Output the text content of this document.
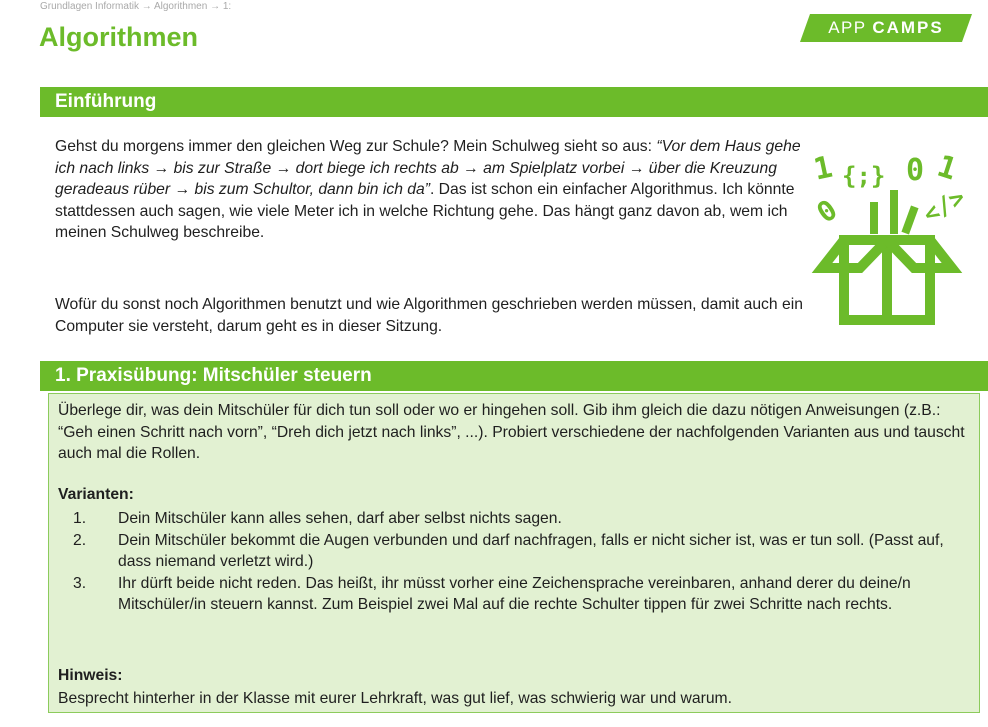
Grundlagen Informatik → Algorithmen → 1:
Algorithmen	APP CAMPS
Einführung

Gehst du morgens immer den gleichen Weg zur Schule? Mein Schulweg sieht so aus: “Vor dem Haus gehe ich nach links → bis zur Straße → dort biege ich rechts ab → am Spielplatz vorbei → über die Kreuzung geradeaus rüber → bis zum Schultor, dann bin ich da”. Das ist schon ein einfacher Algorithmus. Ich könnte stattdessen auch sagen, wie viele Meter ich in welche Richtung gehe. Das hängt ganz davon ab, wem ich meinen Schulweg beschreibe.

Wofür du sonst noch Algorithmen benutzt und wie Algorithmen geschrieben werden müssen, damit auch ein Computer sie versteht, darum geht es in dieser Sitzung.

1 {;} 0 1
0	</>
1. Praxisübung: Mitschüler steuern

Überlege dir, was dein Mitschüler für dich tun soll oder wo er hingehen soll. Gib ihm gleich die dazu nötigen Anweisungen (z.B.: “Geh einen Schritt nach vorn”, “Dreh dich jetzt nach links”, ...). Probiert verschiedene der nachfolgenden Varianten aus und tauscht auch mal die Rollen.

Varianten:

1. Dein Mitschüler kann alles sehen, darf aber selbst nichts sagen.
2. Dein Mitschüler bekommt die Augen verbunden und darf nachfragen, falls er nicht sicher ist, was er tun soll. (Passt auf, dass niemand verletzt wird.)
3. Ihr dürft beide nicht reden. Das heißt, ihr müsst vorher eine Zeichensprache vereinbaren, anhand derer du deine/n Mitschüler/in steuern kannst. Zum Beispiel zwei Mal auf die rechte Schulter tippen für zwei Schritte nach rechts.

Hinweis:

Besprecht hinterher in der Klasse mit eurer Lehrkraft, was gut lief, was schwierig war und warum.
